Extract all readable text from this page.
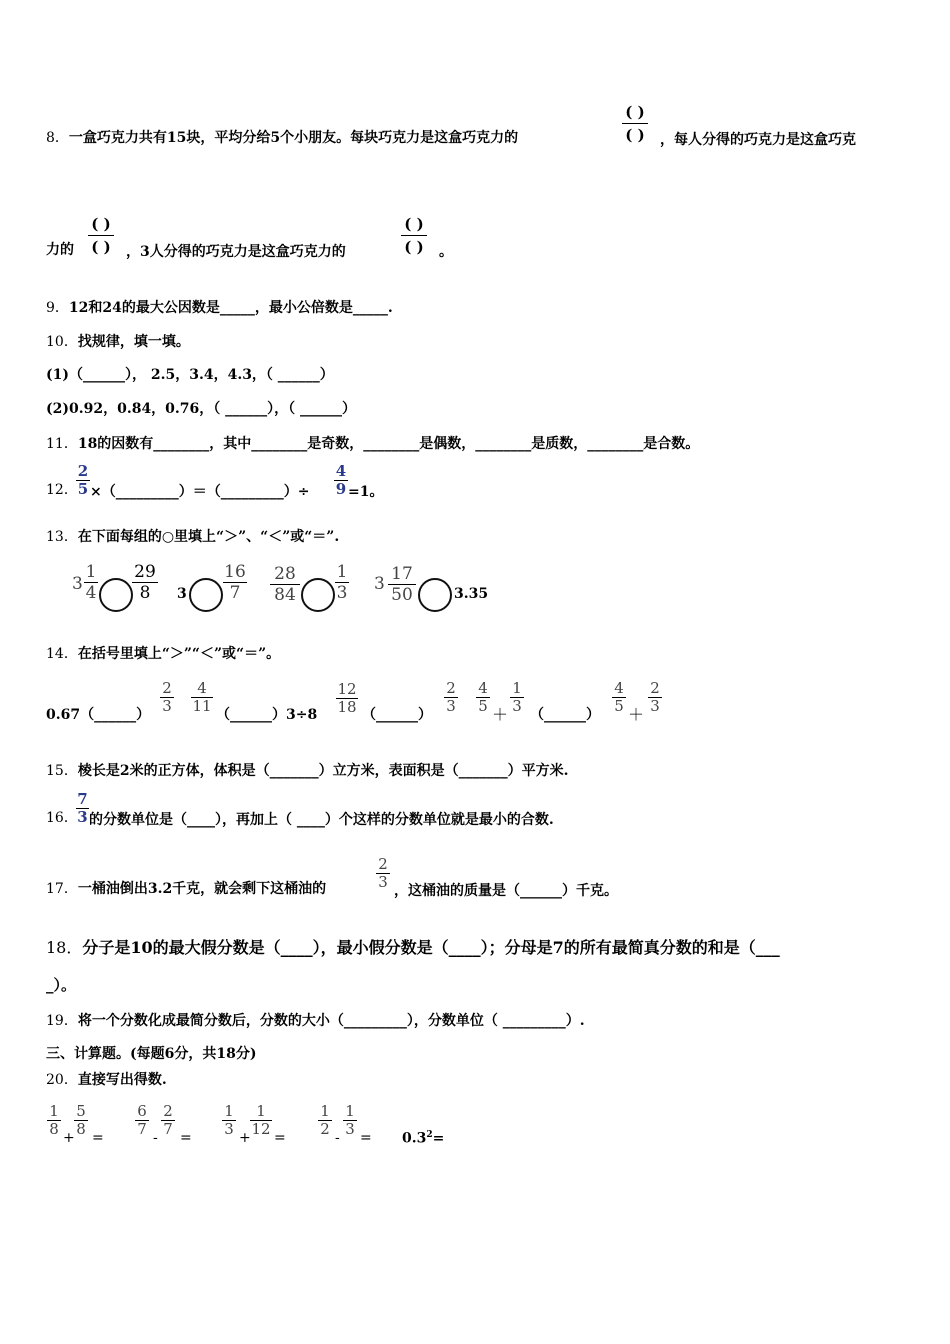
8．一盒巧克力共有15块，平均分给5个小朋友。每块巧克力是这盒巧克力的
( )
( )	，每人分得的巧克力是这盒巧克
力的
( )
( )	，3人分得的巧克力是这盒巧克力的
( )
( )	。
9．12和24的最大公因数是_____，最小公倍数是_____.
10．找规律，填一填。
(1)（______）， 2.5，3.4，4.3，（ ______）
(2)0.92，0.84，0.76，（ ______），（ ______）
11．18的因数有________，其中________是奇数，________是偶数，________是质数，________是合数。
12．
2
5 ×（_________）＝（_________）÷
4
9 =1。
13．在下面每组的○里填上“＞”、“＜”或“＝”.
3
1
4
29
8	3
16
7
28
84
1
3 3 17
50	3.35
14．在括号里填上“＞”“＜”或“＝”。
0.67（______）
2
3
4
11 （______）3÷8
12
18 （______）
2
3
4
5 ＋
1
3 （______）
4
5 ＋
2
3
15．棱长是2米的正方体，体积是（_______）立方米，表面积是（_______）平方米.
16．
7
3 的分数单位是（____），再加上（ ____）个这样的分数单位就是最小的合数.
17．一桶油倒出3.2千克，就会剩下这桶油的
2
3 ，这桶油的质量是（______）千克。
18．分子是10的最大假分数是（____），最小假分数是（____）；分母是7的所有最简真分数的和是（___
_）。
19．将一个分数化成最简分数后，分数的大小（_________），分数单位（ _________）.
三、计算题。(每题6分，共18分)
20．直接写出得数.
1
8 +
5
8 =
6
7 -
2
7 =
1
3 +
1
12 =
1
2 -
1
$3 = 0.3^2=$
